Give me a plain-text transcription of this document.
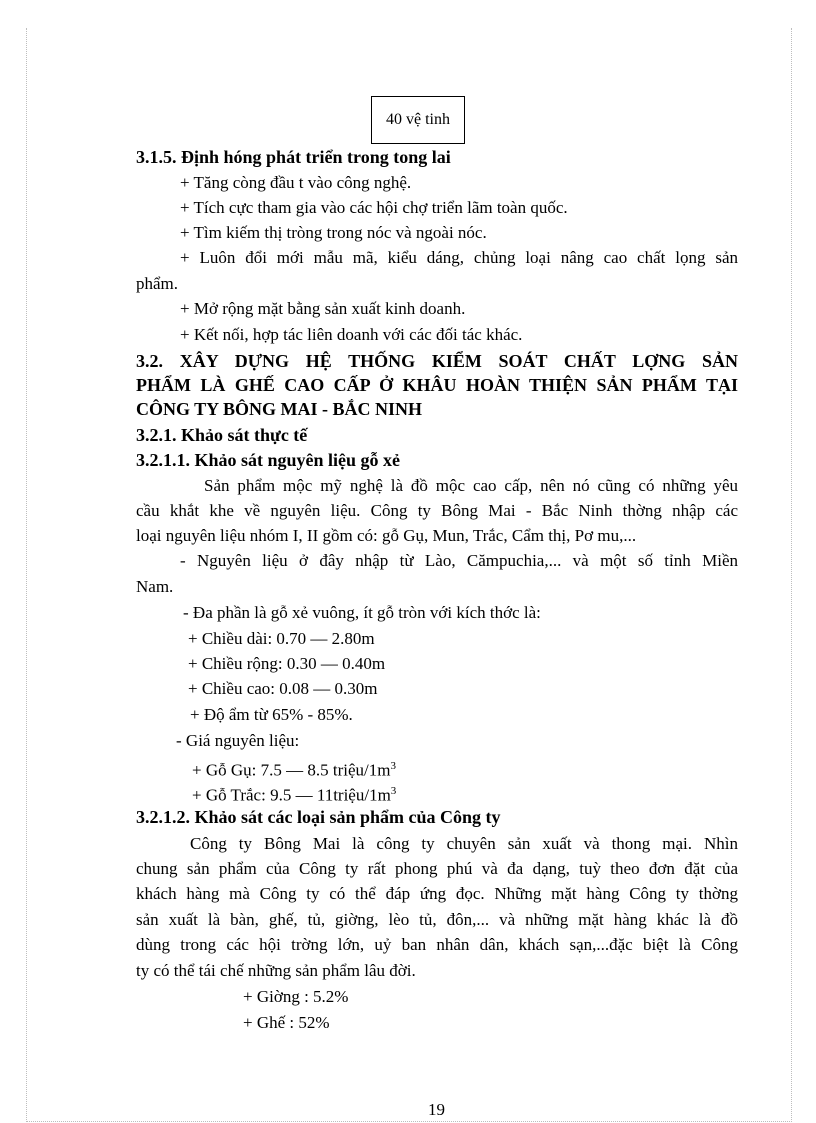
40 vệ tinh
3.1.5. Định hóng phát triển trong tong lai
+ Tăng còng đầu t vào công nghệ.
+ Tích cực tham gia vào các hội chợ triển lãm toàn quốc.
+ Tìm kiếm thị tròng trong nóc và ngoài nóc.
+ Luôn đổi mới mẫu mã, kiểu dáng, chủng loại nâng cao chất lọng sản
phẩm.
+ Mở rộng mặt bằng sản xuất kinh doanh.
+ Kết nối, hợp tác liên doanh với các đối tác khác.
3.2. XÂY DỰNG HỆ THỐNG KIỂM SOÁT CHẤT LỢNG SẢN
PHẨM LÀ GHẾ CAO CẤP Ở KHÂU HOÀN THIỆN SẢN PHẨM TẠI
CÔNG TY BÔNG MAI - BẮC NINH
3.2.1. Khảo sát thực tế
3.2.1.1. Khảo sát nguyên liệu gỗ xẻ
Sản phẩm mộc mỹ nghệ là đồ mộc cao cấp, nên nó cũng có những yêu
cầu khắt khe về nguyên liệu. Công ty Bông Mai - Bắc Ninh thờng nhập các
loại nguyên liệu nhóm I, II gồm có: gỗ Gụ, Mun, Trắc, Cẩm thị, Pơ mu,...
- Nguyên liệu ở đây nhập từ Lào, Cămpuchia,... và một số tỉnh Miền
Nam.
- Đa phần là gỗ xẻ vuông, ít gỗ tròn với kích thớc là:
+ Chiều dài: 0.70 — 2.80m
+ Chiều rộng: 0.30 — 0.40m
+ Chiều cao: 0.08 — 0.30m
+ Độ ẩm từ 65% - 85%.
- Giá nguyên liệu:
+ Gỗ Gụ: 7.5 — 8.5 triệu/$1m^3$
+ Gỗ Trắc: 9.5 — $11triệu/1m^3$
3.2.1.2. Khảo sát các loại sản phẩm của Công ty
Công ty Bông Mai là công ty chuyên sản xuất và thong mại. Nhìn
chung sản phẩm của Công ty rất phong phú và đa dạng, tuỳ theo đơn đặt của
khách hàng mà Công ty có thể đáp ứng đọc. Những mặt hàng Công ty thờng
sản xuất là bàn, ghế, tủ, giờng, lèo tủ, đôn,... và những mặt hàng khác là đồ
dùng trong các hội trờng lớn, uỷ ban nhân dân, khách sạn,...đặc biệt là Công
ty có thể tái chế những sản phẩm lâu đời.
+ Giờng : 5.2%
+ Ghế : 52%
19
